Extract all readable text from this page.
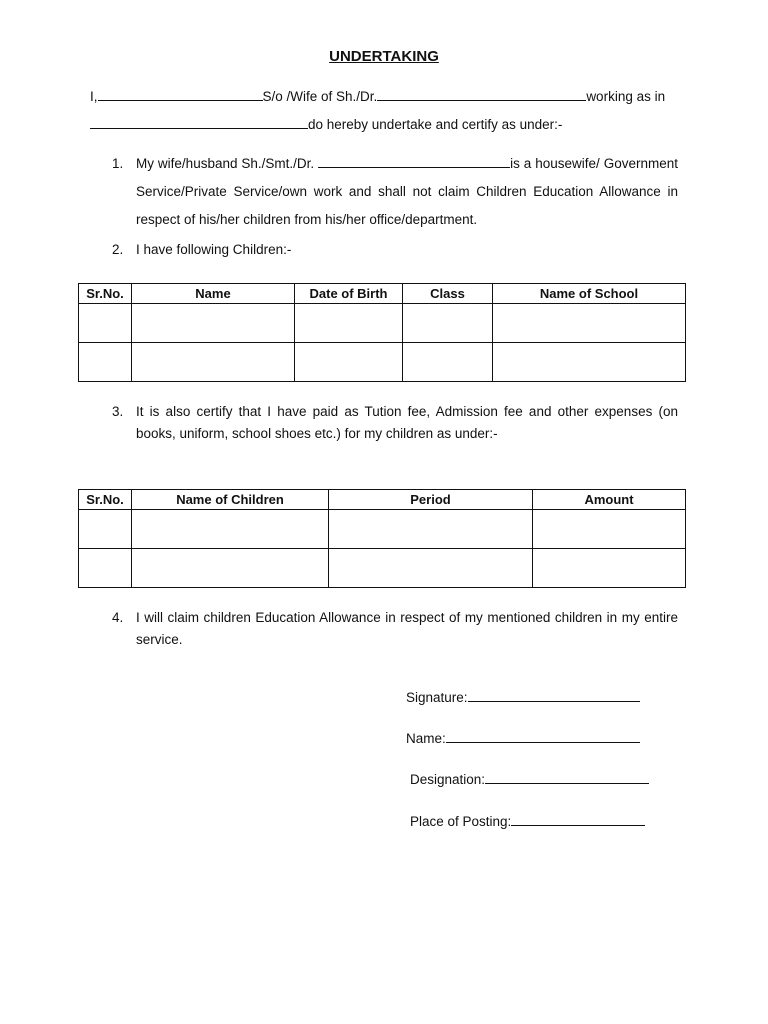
UNDERTAKING
I,	S/o /Wife of Sh./Dr.	working as in
do hereby undertake and certify as under:-
1. My wife/husband Sh./Smt./Dr.	is a housewife/ Government Service/Private Service/own work and shall not claim Children Education Allowance in respect of his/her children from his/her office/department.
2. I have following Children:-
Sr.No.	Name	Date of Birth	Class	Name of School

3. It is also certify that I have paid as Tution fee, Admission fee and other expenses (on books, uniform, school shoes etc.) for my children as under:-
Sr.No.	Name of Children	Period	Amount

4. I will claim children Education Allowance in respect of my mentioned children in my entire service.
Signature:
Name:
Designation:
Place of Posting:
